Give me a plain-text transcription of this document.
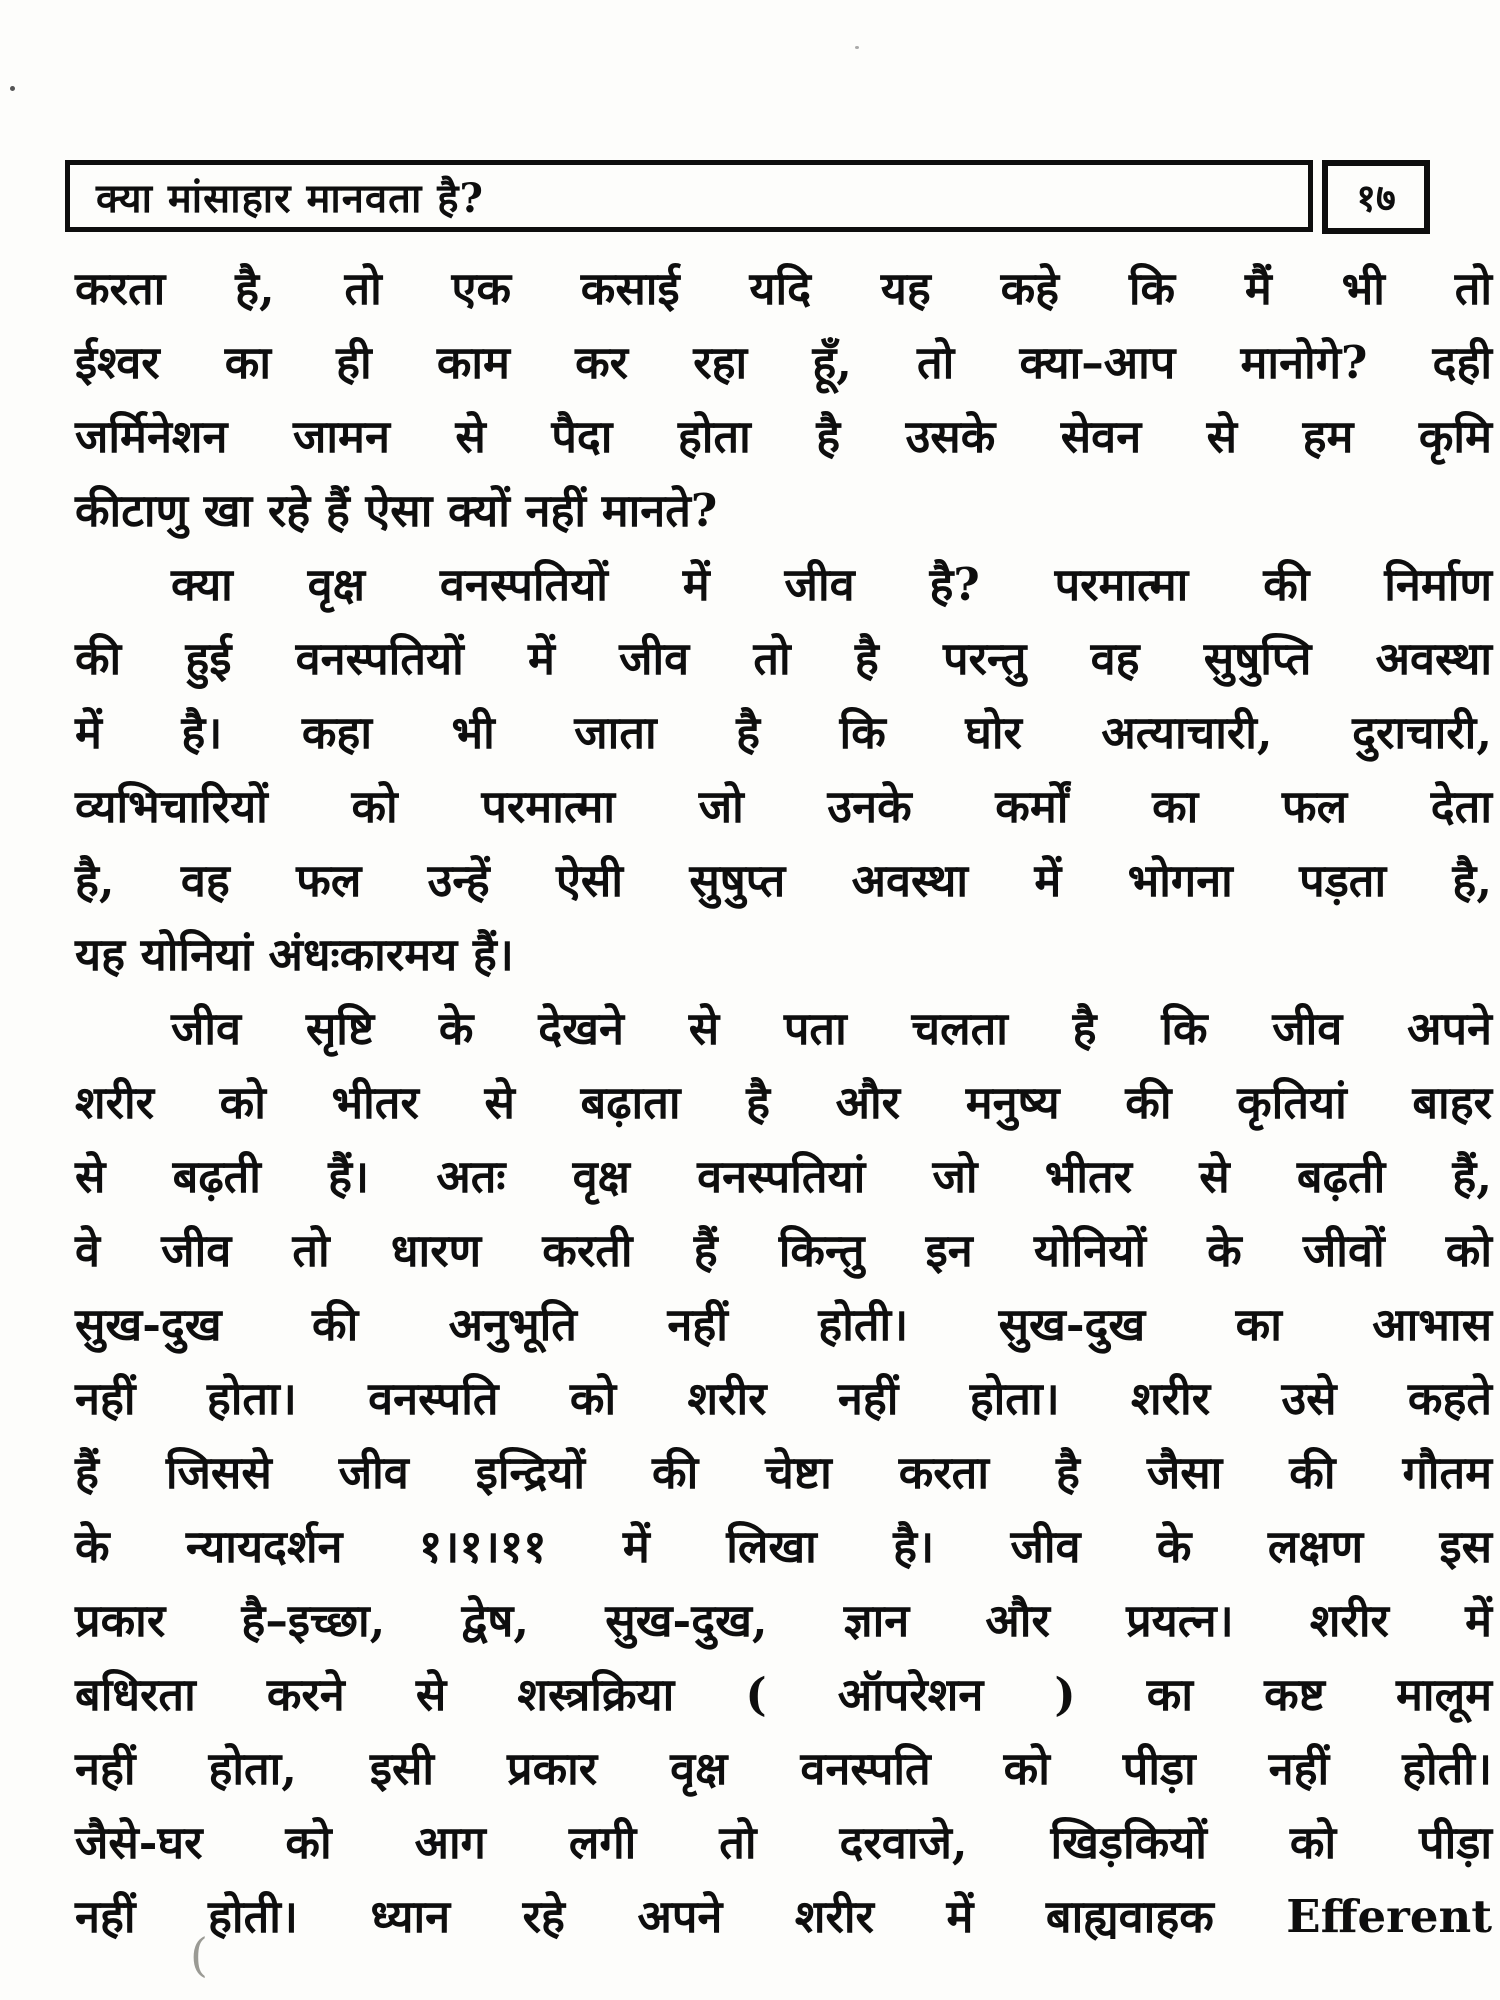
क्या मांसाहार मानवता है?	१७
करता है, तो एक कसाई यदि यह कहे कि मैं भी तो
ईश्वर का ही काम कर रहा हूँ, तो क्या–आप मानोगे? दही
जर्मिनेशन जामन से पैदा होता है उसके सेवन से हम कृमि
कीटाणु खा रहे हैं ऐसा क्यों नहीं मानते?
क्या वृक्ष वनस्पतियों में जीव है? परमात्मा की निर्माण
की हुई वनस्पतियों में जीव तो है परन्तु वह सुषुप्ति अवस्था
में है। कहा भी जाता है कि घोर अत्याचारी, दुराचारी,
व्यभिचारियों को परमात्मा जो उनके कर्मों का फल देता
है, वह फल उन्हें ऐसी सुषुप्त अवस्था में भोगना पड़ता है,
यह योनियां अंधःकारमय हैं।
जीव सृष्टि के देखने से पता चलता है कि जीव अपने
शरीर को भीतर से बढ़ाता है और मनुष्य की कृतियां बाहर
से बढ़ती हैं। अतः वृक्ष वनस्पतियां जो भीतर से बढ़ती हैं,
वे जीव तो धारण करती हैं किन्तु इन योनियों के जीवों को
सुख-दुख की अनुभूति नहीं होती। सुख-दुख का आभास
नहीं होता। वनस्पति को शरीर नहीं होता। शरीर उसे कहते
हैं जिससे जीव इन्द्रियों की चेष्टा करता है जैसा की गौतम
के न्यायदर्शन १।१।११ में लिखा है। जीव के लक्षण इस
प्रकार है–इच्छा, द्वेष, सुख-दुख, ज्ञान और प्रयत्न। शरीर में
बधिरता करने से शस्त्रक्रिया ( ऑपरेशन ) का कष्ट मालूम
नहीं होता, इसी प्रकार वृक्ष वनस्पति को पीड़ा नहीं होती।
जैसे-घर को आग लगी तो दरवाजे, खिड़कियों को पीड़ा
नहीं होती। ध्यान रहे अपने शरीर में बाह्यवाहक Efferent
(
